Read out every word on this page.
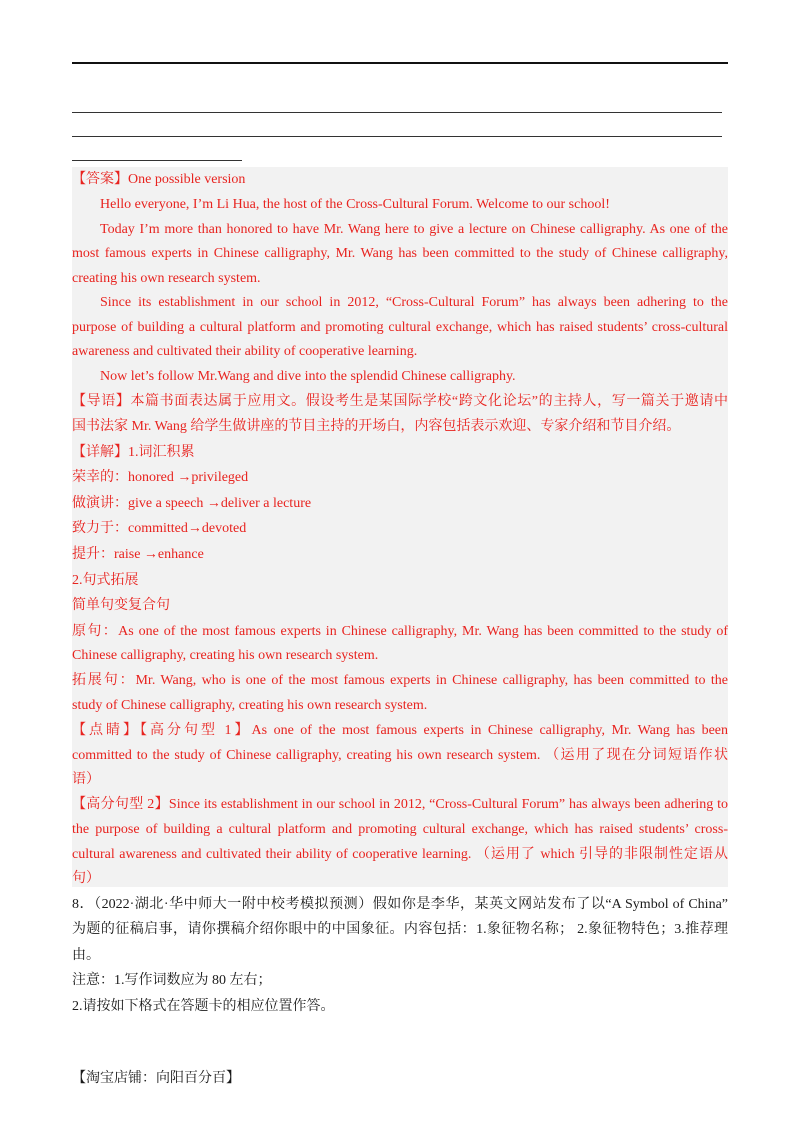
【答案】One possible version
Hello everyone, I’m Li Hua, the host of the Cross-Cultural Forum. Welcome to our school!
Today I’m more than honored to have Mr. Wang here to give a lecture on Chinese calligraphy. As one of the
most famous experts in Chinese calligraphy, Mr. Wang has been committed to the study of Chinese calligraphy,
creating his own research system.
Since its establishment in our school in 2012, “Cross-Cultural Forum” has always been adhering to the
purpose of building a cultural platform and promoting cultural exchange, which has raised students’ cross-cultural
awareness and cultivated their ability of cooperative learning.
Now let’s follow Mr.Wang and dive into the splendid Chinese calligraphy.
【导语】本篇书面表达属于应用文。假设考生是某国际学校“跨文化论坛”的主持人，写一篇关于邀请中
国书法家 Mr. Wang 给学生做讲座的节目主持的开场白，内容包括表示欢迎、专家介绍和节目介绍。
【详解】1.词汇积累
荣幸的：honored →privileged
做演讲：give a speech →deliver a lecture
致力于：committed→devoted
提升：raise →enhance
2.句式拓展
简单句变复合句
原句：As one of the most famous experts in Chinese calligraphy, Mr. Wang has been committed to the study of
Chinese calligraphy, creating his own research system.
拓展句：Mr. Wang, who is one of the most famous experts in Chinese calligraphy, has been committed to the
study of Chinese calligraphy, creating his own research system.
【点睛】【高分句型 1】As one of the most famous experts in Chinese calligraphy, Mr. Wang has been
committed to the study of Chinese calligraphy, creating his own research system. （运用了现在分词短语作状
语）
【高分句型 2】Since its establishment in our school in 2012, “Cross-Cultural Forum” has always been adhering to
the purpose of building a cultural platform and promoting cultural exchange, which has raised students’ cross-
cultural awareness and cultivated their ability of cooperative learning. （运用了 which 引导的非限制性定语从
句）
8．（2022·湖北·华中师大一附中校考模拟预测）假如你是李华，某英文网站发布了以“A Symbol of China”
为题的征稿启事，请你撰稿介绍你眼中的中国象征。内容包括：1.象征物名称； 2.象征物特色；3.推荐理
由。
注意：1.写作词数应为 80 左右；
2.请按如下格式在答题卡的相应位置作答。
【淘宝店铺：向阳百分百】
